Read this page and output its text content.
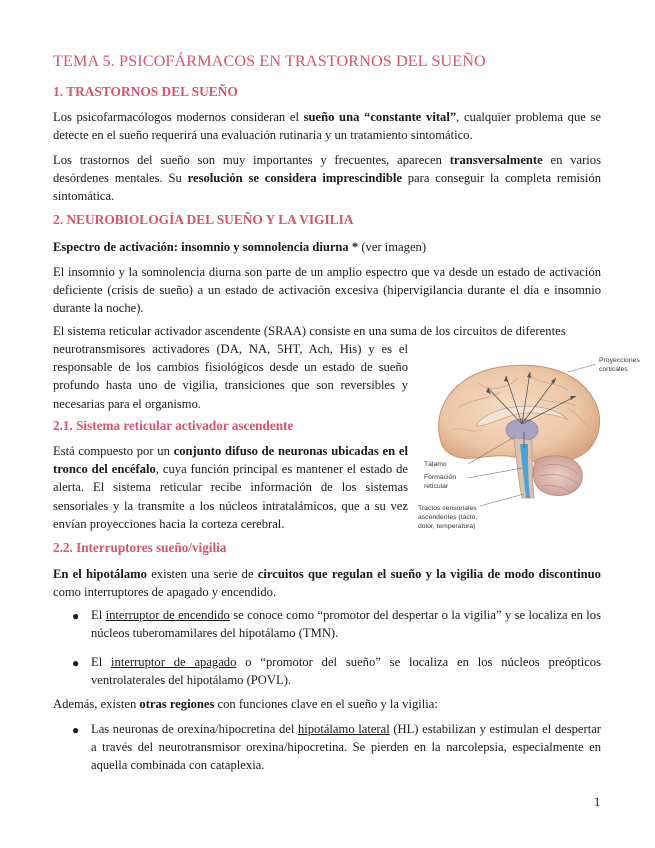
TEMA 5. PSICOFÁRMACOS EN TRASTORNOS DEL SUEÑO
1. TRASTORNOS DEL SUEÑO

Los psicofarmacólogos modernos consideran el sueño una “constante vital”, cualquier problema que se detecte en el sueño requerirá una evaluación rutinaria y un tratamiento sintomático.

Los trastornos del sueño son muy importantes y frecuentes, aparecen transversalmente en varios desórdenes mentales. Su resolución se considera imprescindible para conseguir la completa remisión sintomática.

2. NEUROBIOLOGÍA DEL SUEÑO Y LA VIGILIA

Espectro de activación: insomnio y somnolencia diurna * (ver imagen)

El insomnio y la somnolencia diurna son parte de un amplio espectro que va desde un estado de activación deficiente (crisis de sueño) a un estado de activación excesiva (hipervigilancia durante el día e insomnio durante la noche).

El sistema reticular activador ascendente (SRAA) consiste en una suma de los circuitos de diferentes

neurotransmisores activadores (DA, NA, 5HT, Ach, His) y es el responsable de los cambios fisiológicos desde un estado de sueño profundo hasta uno de vigilia, transiciones que son reversibles y necesarias para el organismo.

Proyecciones
corticales
Tálamo
Formación
reticular
Tractos sensoriales
ascendentes (tacto,
dolor, temperatura)
2.1. Sistema reticular activador ascendente

Está compuesto por un conjunto difuso de neuronas ubicadas en el tronco del encéfalo, cuya función principal es mantener el estado de alerta. El sistema reticular recibe información de los sistemas sensoriales y la transmite a los núcleos intratalámicos, que a su vez envían proyecciones hacia la corteza cerebral.

2.2. Interruptores sueño/vigilia

En el hipotálamo existen una serie de circuitos que regulan el sueño y la vigilia de modo discontinuo como interruptores de apagado y encendido.

● El interruptor de encendido se conoce como “promotor del despertar o la vigilia” y se localiza en los núcleos tuberomamilares del hipotálamo (TMN).

● El interruptor de apagado o “promotor del sueño” se localiza en los núcleos preópticos ventrolaterales del hipotálamo (POVL).

Además, existen otras regiones con funciones clave en el sueño y la vigilia:

● Las neuronas de orexina/hipocretina del hipotálamo lateral (HL) estabilizan y estimulan el despertar a través del neurotransmisor orexina/hipocretina. Se pierden en la narcolepsia, especialmente en aquella combinada con cataplexia.

1
